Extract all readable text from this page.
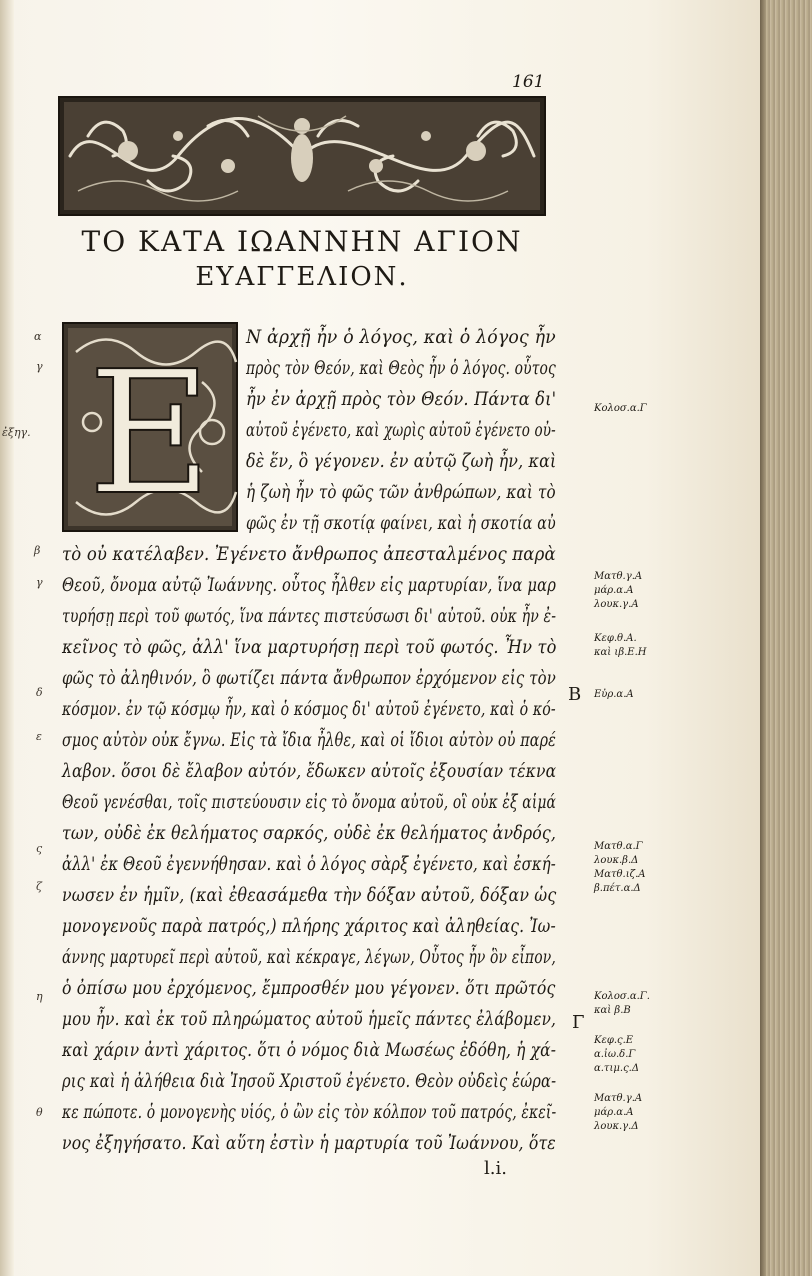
161
ΤΟ ΚΑΤΑ ΙΩΑΝΝΗΝ ΑΓΙΟΝ
ΕΥΑΓΓΕΛΙΟΝ.
Ε Ν ἀρχῇ ἦν ὁ λόγος, καὶ ὁ λόγος ἦν
πρὸς τὸν Θεόν, καὶ Θεὸς ἦν ὁ λόγος. οὗτος
ἦν ἐν ἀρχῇ πρὸς τὸν Θεόν. Πάντα δι'
αὐτοῦ ἐγένετο, καὶ χωρὶς αὐτοῦ ἐγένετο οὐ-
δὲ ἕν, ὃ γέγονεν. ἐν αὐτῷ ζωὴ ἦν, καὶ
ἡ ζωὴ ἦν τὸ φῶς τῶν ἀνθρώπων, καὶ τὸ
φῶς ἐν τῇ σκοτίᾳ φαίνει, καὶ ἡ σκοτία αὐ
τὸ οὐ κατέλαβεν. Ἐγένετο ἄνθρωπος ἀπεσταλμένος παρὰ
Θεοῦ, ὄνομα αὐτῷ Ἰωάννης. οὗτος ἦλθεν εἰς μαρτυρίαν, ἵνα μαρ
τυρήσῃ περὶ τοῦ φωτός, ἵνα πάντες πιστεύσωσι δι' αὐτοῦ. οὐκ ἦν ἐ-
κεῖνος τὸ φῶς, ἀλλ' ἵνα μαρτυρήσῃ περὶ τοῦ φωτός. Ἦν τὸ
φῶς τὸ ἀληθινόν, ὃ φωτίζει πάντα ἄνθρωπον ἐρχόμενον εἰς τὸν
κόσμον. ἐν τῷ κόσμῳ ἦν, καὶ ὁ κόσμος δι' αὐτοῦ ἐγένετο, καὶ ὁ κό-
σμος αὐτὸν οὐκ ἔγνω. Εἰς τὰ ἴδια ἦλθε, καὶ οἱ ἴδιοι αὐτὸν οὐ παρέ
λαβον. ὅσοι δὲ ἔλαβον αὐτόν, ἔδωκεν αὐτοῖς ἐξουσίαν τέκνα
Θεοῦ γενέσθαι, τοῖς πιστεύουσιν εἰς τὸ ὄνομα αὐτοῦ, οἳ οὐκ ἐξ αἱμά
των, οὐδὲ ἐκ θελήματος σαρκός, οὐδὲ ἐκ θελήματος ἀνδρός,
ἀλλ' ἐκ Θεοῦ ἐγεννήθησαν. καὶ ὁ λόγος σὰρξ ἐγένετο, καὶ ἐσκή-
νωσεν ἐν ἡμῖν, (καὶ ἐθεασάμεθα τὴν δόξαν αὐτοῦ, δόξαν ὡς
μονογενοῦς παρὰ πατρός,) πλήρης χάριτος καὶ ἀληθείας. Ἰω-
άννης μαρτυρεῖ περὶ αὐτοῦ, καὶ κέκραγε, λέγων, Οὗτος ἦν ὃν εἶπον,
ὁ ὀπίσω μου ἐρχόμενος, ἔμπροσθέν μου γέγονεν. ὅτι πρῶτός
μου ἦν. καὶ ἐκ τοῦ πληρώματος αὐτοῦ ἡμεῖς πάντες ἐλάβομεν,
καὶ χάριν ἀντὶ χάριτος. ὅτι ὁ νόμος διὰ Μωσέως ἐδόθη, ἡ χά-
ρις καὶ ἡ ἀλήθεια διὰ Ἰησοῦ Χριστοῦ ἐγένετο. Θεὸν οὐδεὶς ἑώρα-
κε πώποτε. ὁ μονογενὴς υἱός, ὁ ὢν εἰς τὸν κόλπον τοῦ πατρός, ἐκεῖ-
νος ἐξηγήσατο. Καὶ αὕτη ἐστὶν ἡ μαρτυρία τοῦ Ἰωάννου, ὅτε
l.i.
Β
Γ
Κολοσ.α.Γ
Ματθ.γ.Α
μάρ.α.Α
λουκ.γ.Α
Κεφ.θ.Α.
καὶ ιβ.Ε.Η
Εὐρ.α.Α
Ματθ.α.Γ
λουκ.β.Δ
Ματθ.ιζ.Α
β.πέτ.α.Δ
Κολοσ.α.Γ.
καὶ β.Β
Κεφ.ς.Ε
α.ἰω.δ.Γ
α.τιμ.ς.Δ
Ματθ.γ.Α
μάρ.α.Α
λουκ.γ.Δ
α
γ
ἐξηγ.
β
γ
δ
ε
ς
ζ
η
θ
